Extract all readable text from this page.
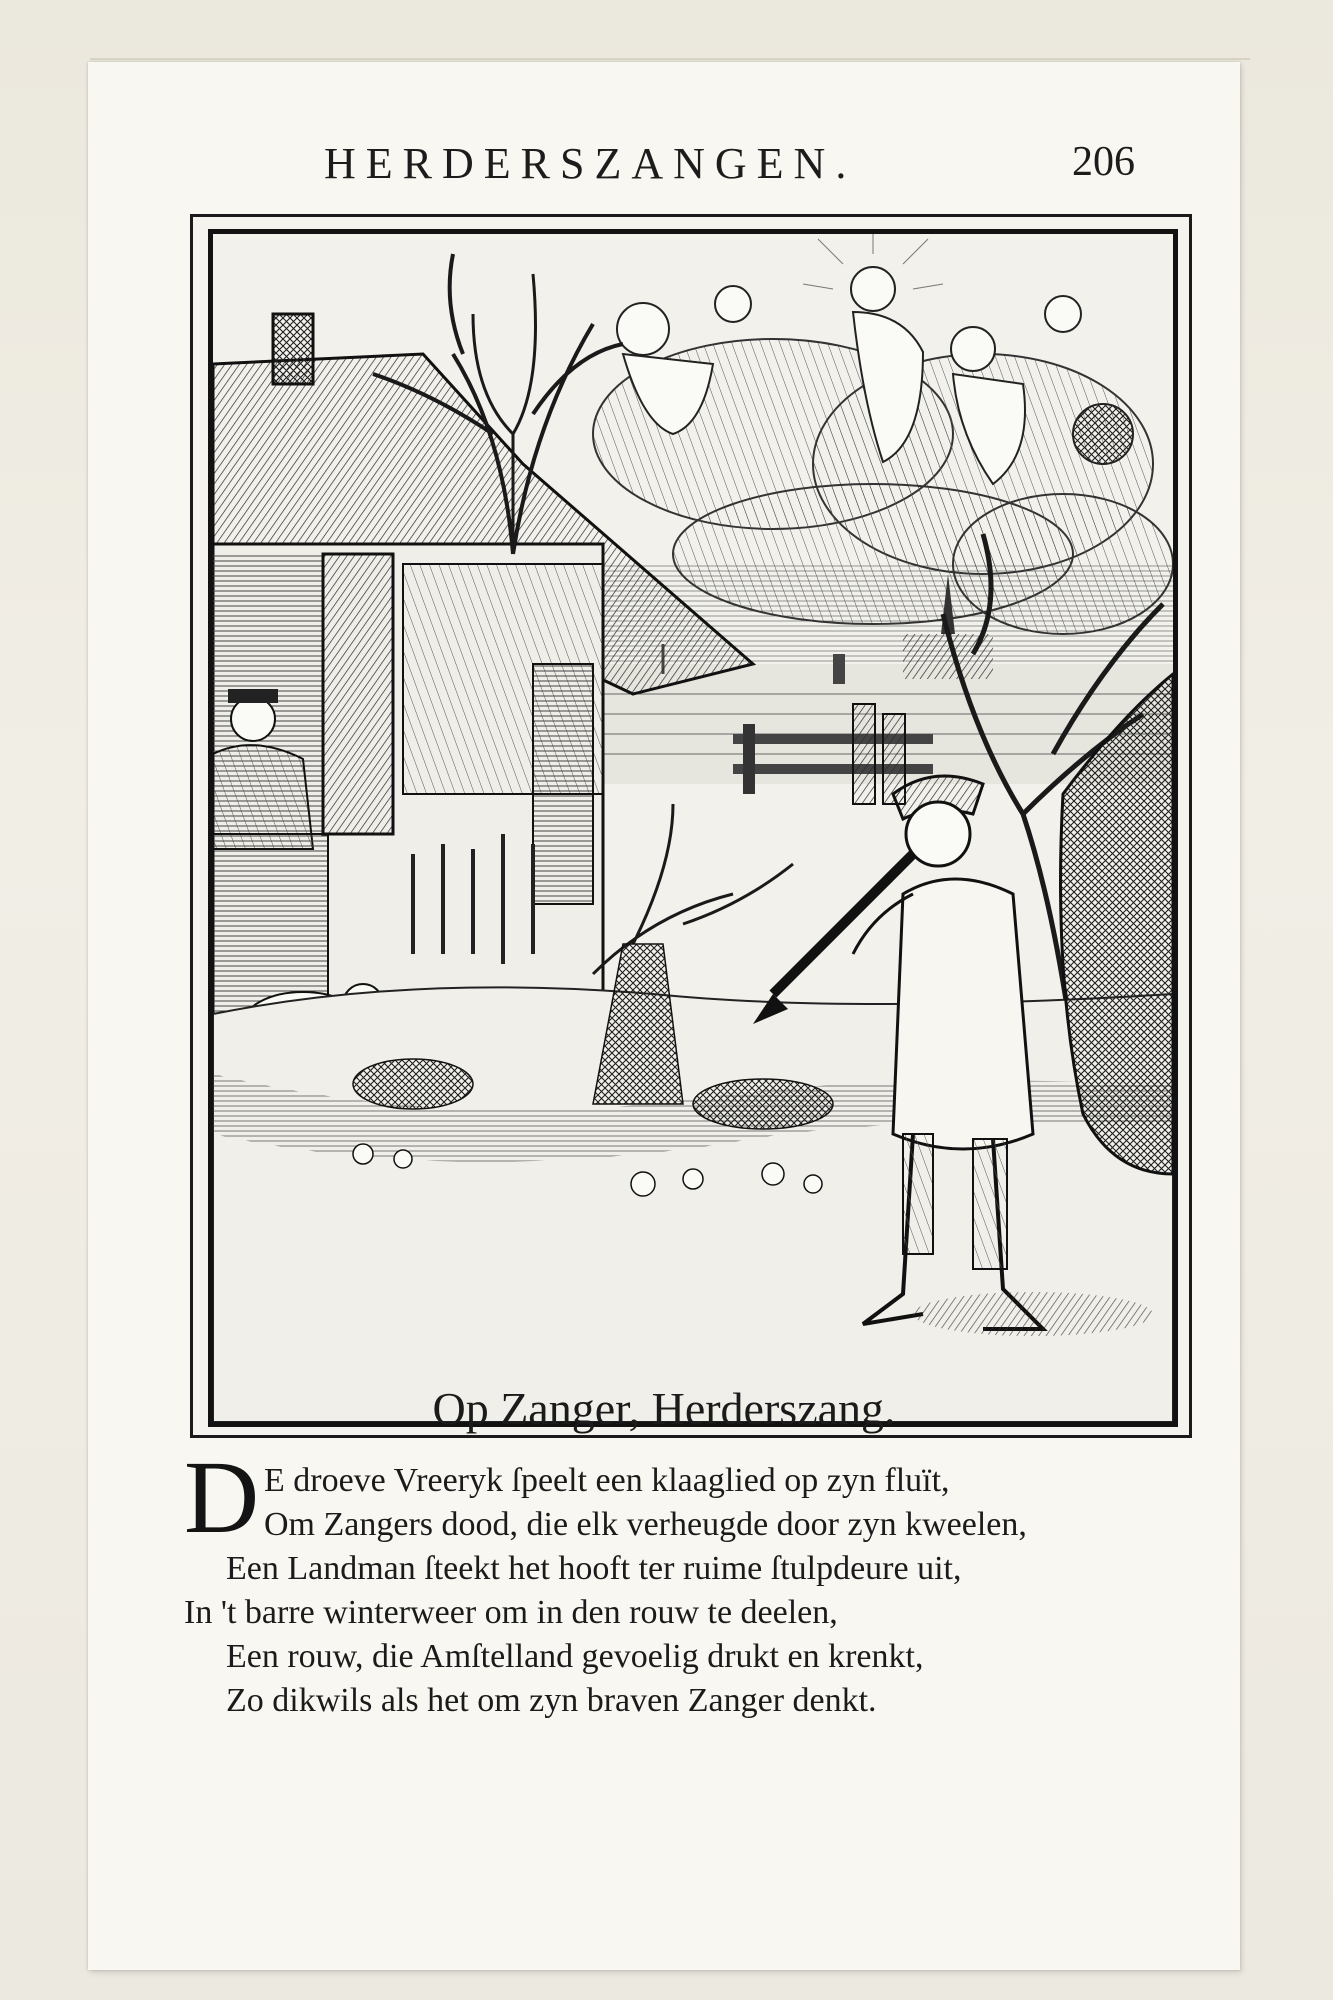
HERDERSZANGEN.	206
Op Zanger, Herderszang.
D E droeve Vreeryk ſpeelt een klaaglied op zyn fluït,
Om Zangers dood, die elk verheugde door zyn kweelen,
Een Landman ſteekt het hooft ter ruime ſtulpdeure uit,
In 't barre winterweer om in den rouw te deelen,
Een rouw, die Amſtelland gevoelig drukt en krenkt,
Zo dikwils als het om zyn braven Zanger denkt.
